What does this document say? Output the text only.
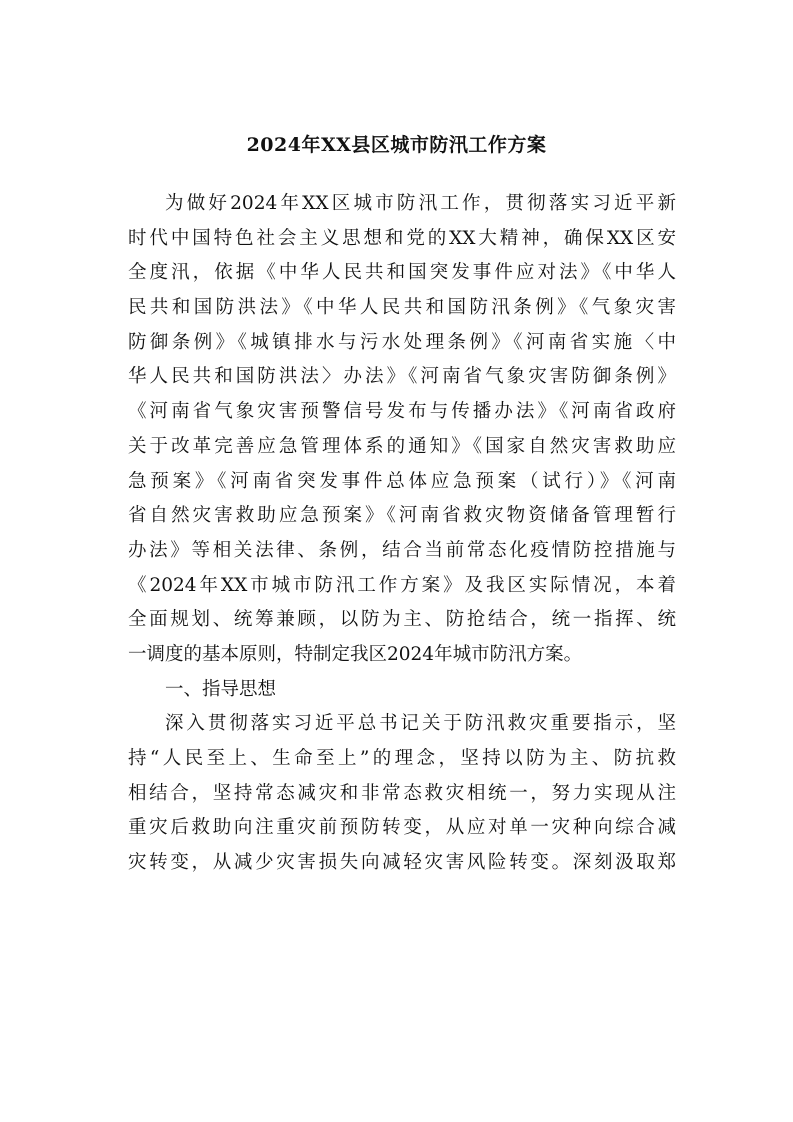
2024年XX县区城市防汛工作方案
为做好2024年XX区城市防汛工作，贯彻落实习近平新
时代中国特色社会主义思想和党的XX大精神，确保XX区安
全度汛，依据《中华人民共和国突发事件应对法》《中华人
民共和国防洪法》《中华人民共和国防汛条例》《气象灾害
防御条例》《城镇排水与污水处理条例》《河南省实施〈中
华人民共和国防洪法〉办法》《河南省气象灾害防御条例》
《河南省气象灾害预警信号发布与传播办法》《河南省政府
关于改革完善应急管理体系的通知》《国家自然灾害救助应
急预案》《河南省突发事件总体应急预案（试行）》《河南
省自然灾害救助应急预案》《河南省救灾物资储备管理暂行
办法》等相关法律、条例，结合当前常态化疫情防控措施与
《2024年XX市城市防汛工作方案》及我区实际情况，本着
全面规划、统筹兼顾，以防为主、防抢结合，统一指挥、统
一调度的基本原则，特制定我区2024年城市防汛方案。
一、指导思想
深入贯彻落实习近平总书记关于防汛救灾重要指示，坚
持“人民至上、生命至上”的理念，坚持以防为主、防抗救
相结合，坚持常态减灾和非常态救灾相统一，努力实现从注
重灾后救助向注重灾前预防转变，从应对单一灾种向综合减
灾转变，从减少灾害损失向减轻灾害风险转变。深刻汲取郑
